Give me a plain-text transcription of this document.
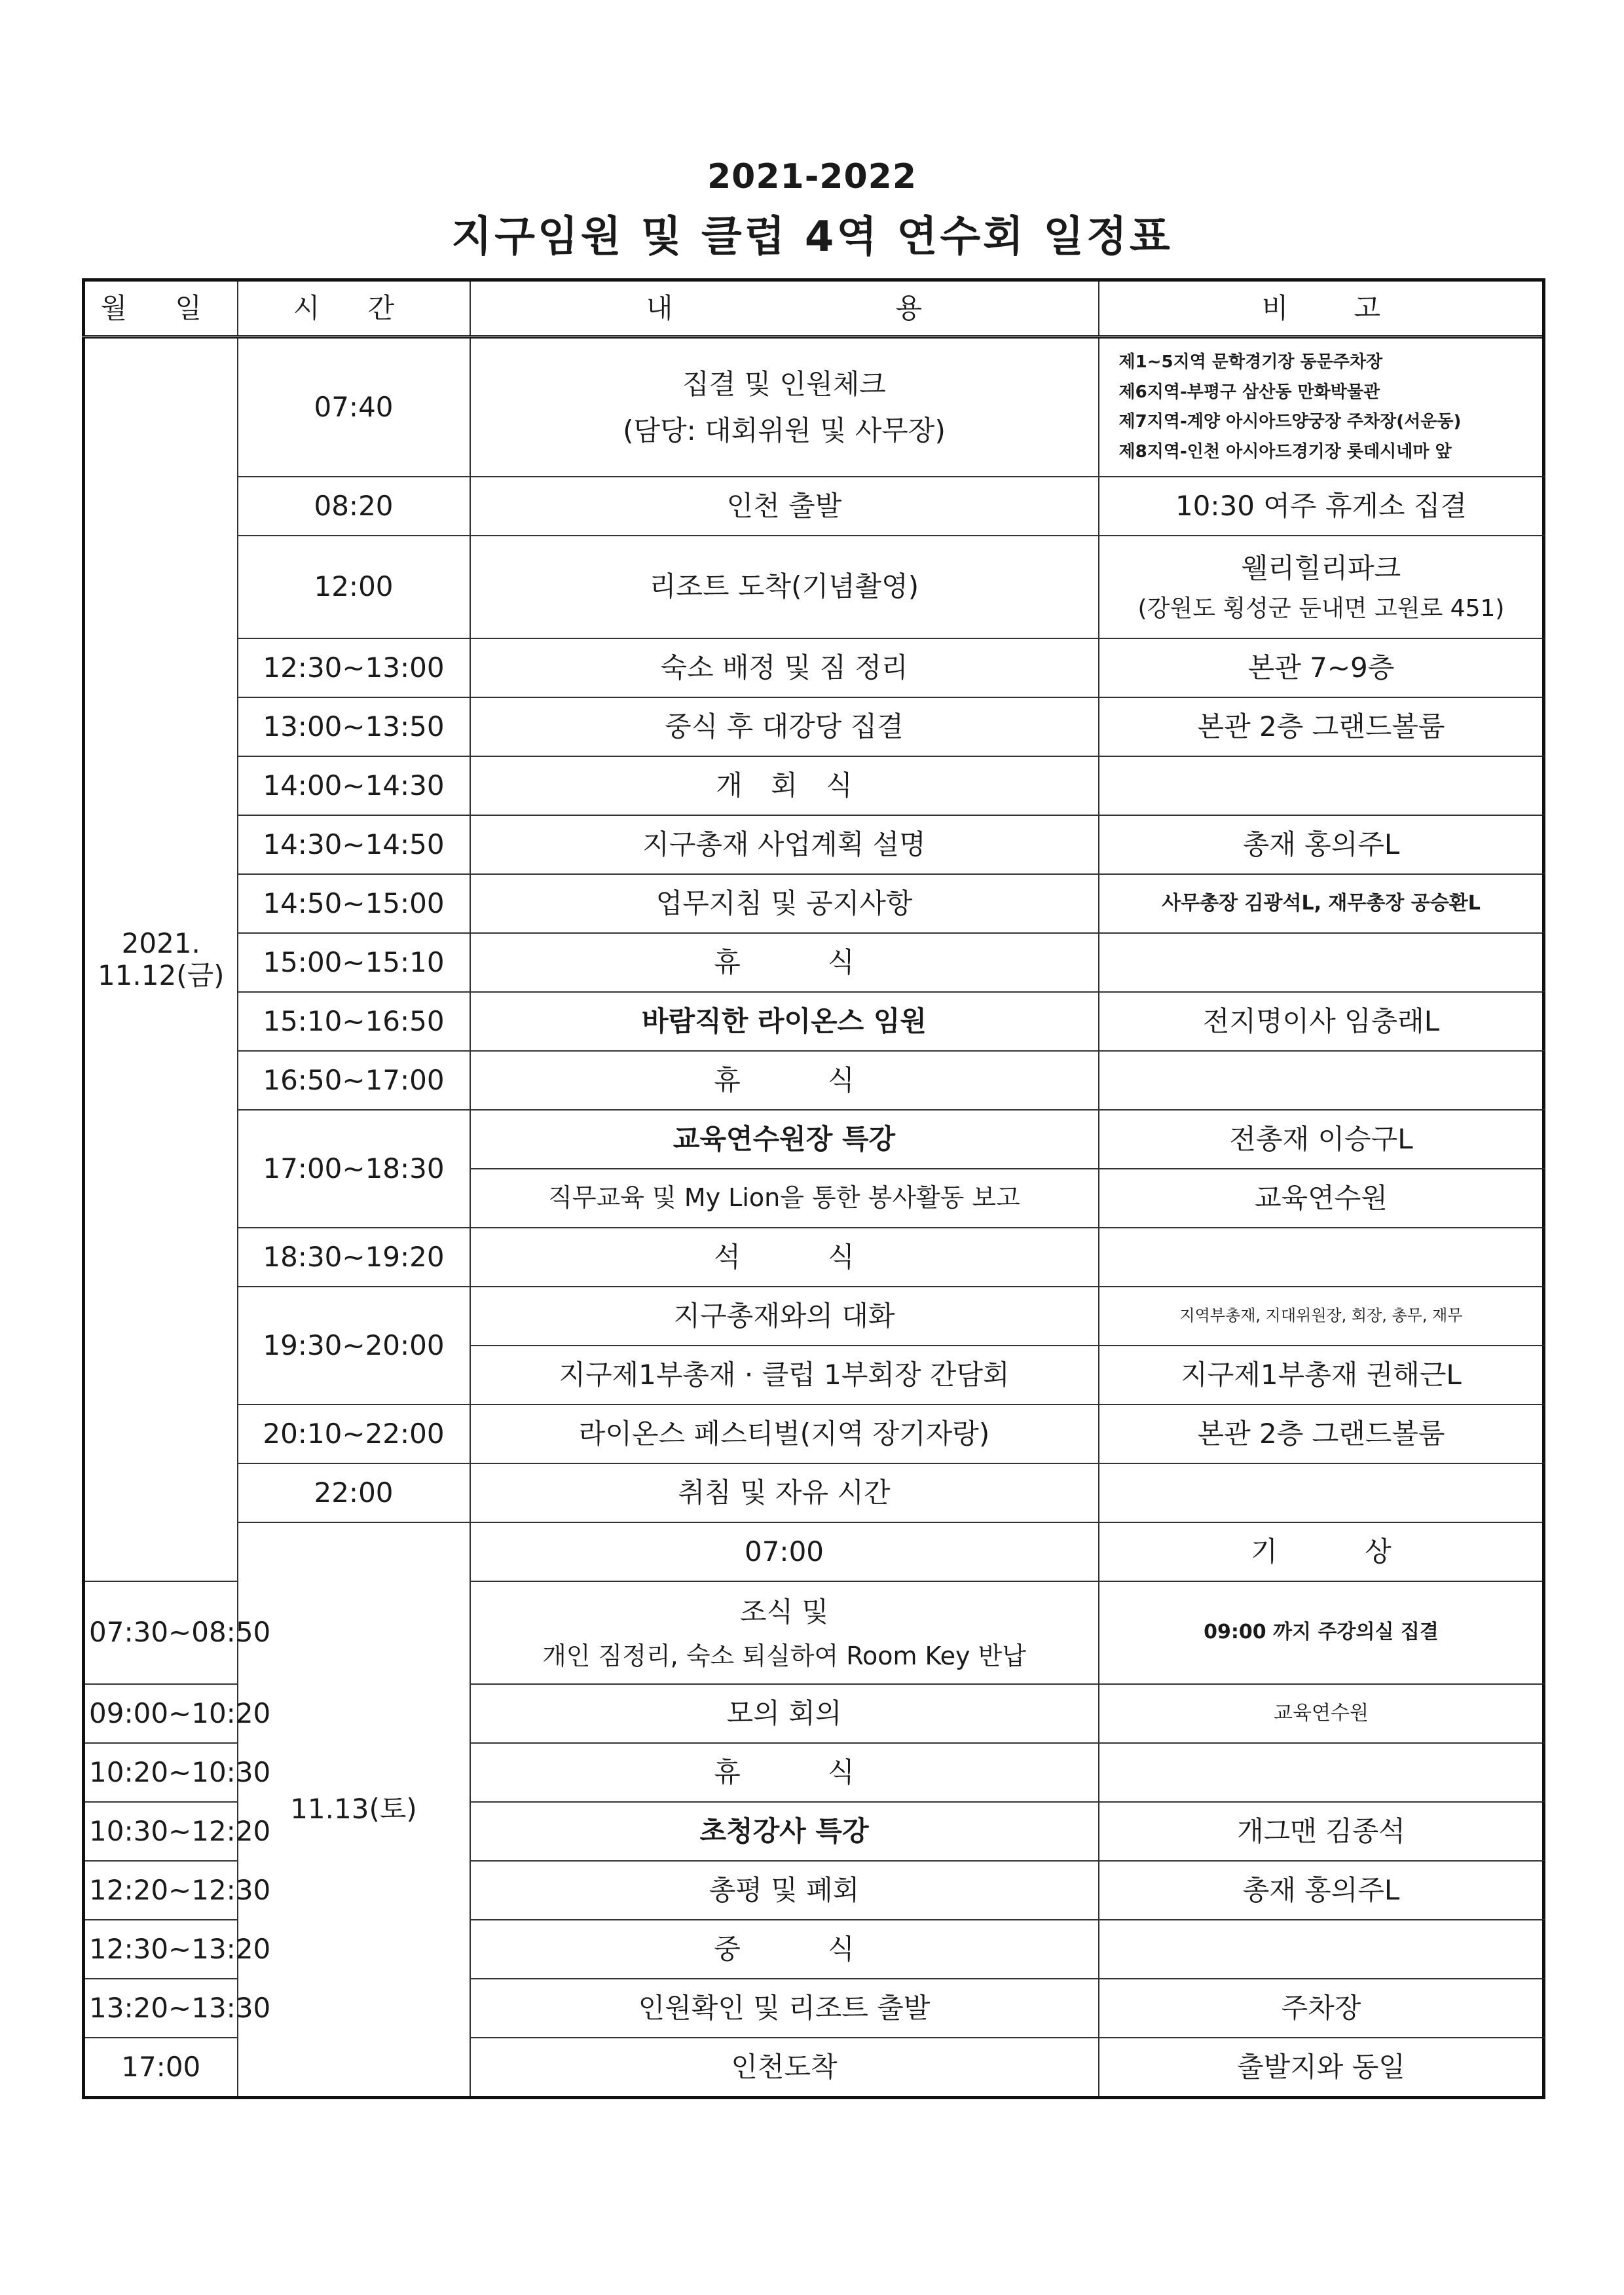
2021-2022
지구임원 및 클럽 4역 연수회 일정표
월 일	시 간	내 용	비 고	

2021.
11.12(금)	07:40	집결 및 인원체크
(담당: 대회위원 및 사무장)	제1~5지역 문학경기장 동문주차장
제6지역-부평구 삼산동 만화박물관
제7지역-계양 아시아드양궁장 주차장(서운동)
제8지역-인천 아시아드경기장 롯데시네마 앞	

	08:20	인천 출발	10:30 여주 휴게소 집결	
	12:00	리조트 도착(기념촬영)	웰리힐리파크
(강원도 횡성군 둔내면 고원로 451)	

	12:30~13:00	숙소 배정 및 짐 정리	본관 7~9층	
	13:00~13:50	중식 후 대강당 집결	본관 2층 그랜드볼룸	
	14:00~14:30	개 회 식		
	14:30~14:50	지구총재 사업계획 설명	총재 홍의주L	
	14:50~15:00	업무지침 및 공지사항	사무총장 김광석L, 재무총장 공승환L	
	15:00~15:10	휴 식		
	15:10~16:50	바람직한 라이온스 임원	전지명이사 임충래L	
	16:50~17:00	휴 식		
	17:00~18:30	교육연수원장 특강	전총재 이승구L	
		직무교육 및 My Lion을 통한 봉사활동 보고	교육연수원	
	18:30~19:20	석 식		
	19:30~20:00	지구총재와의 대화	지역부총재, 지대위원장, 회장, 총무, 재무	
		지구제1부총재 · 클럽 1부회장 간담회	지구제1부총재 권해근L	
	20:10~22:00	라이온스 페스티벌(지역 장기자랑)	본관 2층 그랜드볼룸	
	22:00	취침 및 자유 시간		
	11.13(토)	07:00	기 상	
07:30~08:50		조식 및
개인 짐정리, 숙소 퇴실하여 Room Key 반납	09:00 까지 주강의실 집결	
09:00~10:20		모의 회의	교육연수원	
10:20~10:30		휴 식		
10:30~12:20		초청강사 특강	개그맨 김종석	
12:20~12:30		총평 및 폐회	총재 홍의주L	
12:30~13:20		중 식		
13:20~13:30		인원확인 및 리조트 출발	주차장	
17:00		인천도착	출발지와 동일	
